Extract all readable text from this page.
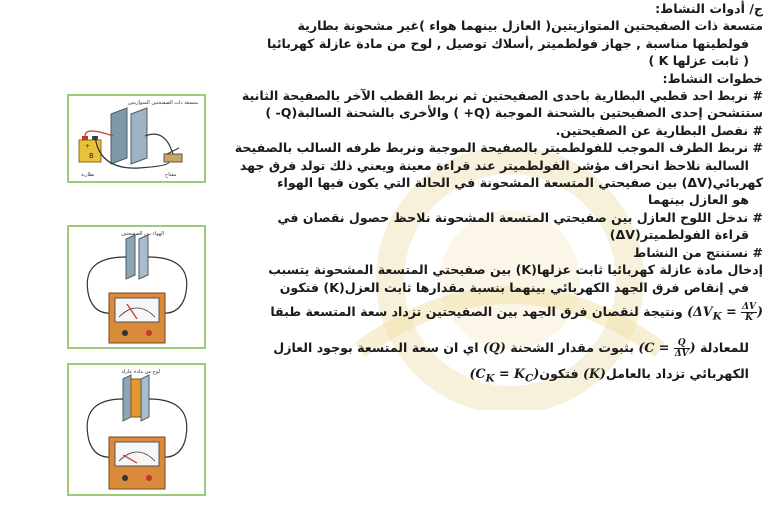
ج/ أدوات النشاط:
متسعة ذات الصفيحتين المتوازيتين( العازل بينهما هواء )غير مشحونة بطارية
فولطيتها مناسبة , جهاز فولطميتر ,أسلاك توصيل , لوح من مادة عازلة كهربائيا
( ثابت عزلها K )
خطوات النشاط:
# نربط احد قطبي البطارية باحدى الصفيحتين ثم نربط القطب الآخر بالصفيحة الثانية
ستتشحن إحدى الصفيحتين بالشحنة الموجبة (Q+ ) والأخرى بالشحنة السالبة(Q- )
# نفصل البطارية عن الصفيحتين.
# نربط الطرف الموجب للفولطميتر بالصفيحة الموجبة ونربط طرفه السالب بالصفيحة
السالبة نلاحظ انحراف مؤشر الفولطميتر عند قراءة معينة ويعني ذلك تولد فرق جهد
كهربائي(ΔV) بين صفيحتي المتسعة المشحونة في الحالة التي يكون فيها الهواء
هو العازل بينهما
# ندخل اللوح العازل بين صفيحتي المتسعة المشحونة نلاحظ حصول نقصان في
قراءة الفولطميتر(ΔV)
# نستنتج من النشاط
إدخال مادة عازلة كهربائيا ثابت عزلها(K) بين صفيحتي المتسعة المشحونة يتسبب
في إنقاص فرق الجهد الكهربائي بينهما بنسبة مقدارها ثابت العزل(K) فتكون
($\Delta V_K = \frac{\Delta V}{K}$ ) ونتيجة لنقصان فرق الجهد بين الصفيحتين تزداد سعة المتسعة طبقا
للمعادلة ($C = \frac{Q}{\Delta V}$ ) بثبوت مقدار الشحنة (Q) اي ان سعة المتسعة بوجود العازل
الكهربائي تزداد بالعامل(K) $فتكون(C_K = K_C)$
متسعة ذات الصفيحتين المتوازيتين
+
B
بطارية	مفتاح
الهواء بين الصفيحتين
لوح من مادة عازلة
